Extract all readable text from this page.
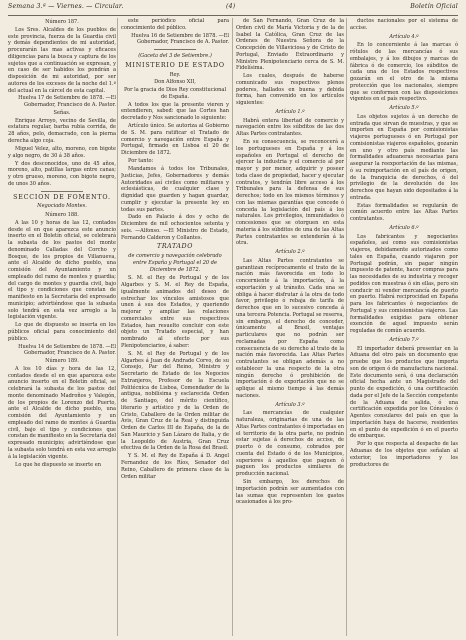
Semana 3.ª — Viernes. — Circular.	(4)	Boletín Oficial
Número 187.
Los Sres. Alcaldes de los pueblos de este provincia, fuerza de la Guardia civil y demás dependientes de mi autoridad, procurarán las mas activas y eficaces diligencias para la busca y captura de los sujetos que a continuación se expresan, y en caso de ser habidos los pondrán a disposición de mi autoridad, por ser autores de los excesos de la noche del 1.º del actual en la cárcel de esta capital.
Huelva 17 de Setiembre de 1878. —El Gobernador, Francisco de A. Pastor.
Señas.
Enrique Arroyo, vecino de Sevilla, de estatura regular, barba rubia corrida, de 28 años, pelo, demacrado, con la pierna derecha algo coja.
Miguel Velez, alto, moreno, con bigote y algo negro, de 30 á 38 años.
Y dos desconocidos, uno de 45 años, moreno, alto, patillas largas entre canas; y otro grueso, moreno, con bigote negro, de unos 30 años.
SECCION DE FOMENTO.
Negociado Montes.
Número 188.
A las 10 y horas de las 12, contados desde el en que aparezca este anuncio inserto en el Boletín oficial, se celebrará la subasta de los pastos del monte denominado Calladas del Corcho y Bosque, de los propios de Villanueva, ante el Alcalde de dicho pueblo, una comisión del Ayuntamiento y un empleado del ramo de montes y guardia; del cargo de montes y guardia civil, bajo el tipo y condiciones que constan de manifiesto en la Secretaría del expresado municipio; advirtiéndose que la subasta solo tendrá en esta vez arreglo a la legislación vigente.
Lo que de dispuesto se inserta en los públicos oficial para conocimiento del público.
Huelva 14 de Setiembre de 1878. —El Gobernador, Francisco de A. Pastor.
Número 189.
A los 10 días y hora de las 12, contados desde el en que aparezca este anuncio inserto en el Boletín oficial, se celebrará la subasta de los pastos del monte denominado Madroños y Valegón, de los propios de Lorenzo del Puerto, ante el Alcalde de dicho pueblo, una comisión del Ayuntamiento y un empleado del ramo de montes á Guardia civil, bajo el tipo y condiciones que constan de manifiesto en la Secretaría del expresado municipio; advirtiéndose que la subasta solo tendrá en esta vez arreglo á la legislación vigente.
Lo que he dispuesto se inserte en
este periódico oficial para conocimiento del público.
Huelva 16 de Setiembre de 1878. —El Gobernador, Francisco de A. Pastor.
(Gaceta del 3 de Setiembre.)
MINISTERIO DE ESTADO
Rey.
Don Alfonso XII,
Por la gracia de Dios Rey constitucional de España.
A todos los que la presente vieren y entendieren, sabed: que las Cortes han decretado y Nos sancionado lo siguiente:
Artículo único. Se autoriza al Gobierno de S. M. para ratificar el Tratado de comercio y navegación entre España y Portugal, firmado en Lisboa el 20 de Diciembre de 1872.
Por tanto:
Mandamos á todos los Tribunales, Justicias, Jefes, Gobernadores y demás Autoridades así civiles como militares y eclesiásticas, de cualquier clase y dignidad que guarden y hagan guardar, cumplir y ejecutar la presente ley en todas sus partes.
Dado en Palacio á dos y ocho de Diciembre de mil ochocientos setenta y seis. —Alfonso. —El Ministro de Estado, Fernando Calderon y Collantes.
TRATADO
de comercio y navegación celebrado entre España y Portugal el 20 de Diciembre de 1872.
S. M. el Rey de Portugal y de los Algarbes y S. M. el Rey de España, igualmente animados del deseo de estrechar los vínculos amistosos que unen á sus dos Estados, y queriendo mejorar y ampliar las relaciones comerciales entre sus respectivos Estados, han resuelto concluir con este objeto un Tratado especial, y han nombrado al efecto por sus Plenipotenciarios, á saber:
S. M. el Rey de Portugal y de los Algarbes á Juan de Andrade Corvo, de su Consejo, Par del Reino, Ministro y Secretario de Estado de los Negocios Extranjeros, Profesor de la Escuela Politécnica de Lisboa, Comendador de la antigua, nobilísima y esclarecida Orden de Santiago, del mérito científico, literario y artístico y de la Orden de Cristo, Caballero de la Orden militar de Avis, Gran Cruz de la Real y distinguida Orden de Carlos III de España, de la de San Mauricio y San Lázaro de Italia, y de la Leopoldo de Austria, Gran Cruz efectiva de la Orden de la Rosa del Brasil.
Y S. M. el Rey de España á D. Angel Fernandez de los Ríos, Senador del Reino, Caballero de primera clase de la Orden militar
de San Fernando, Gran Cruz de la Orden civil de María Victoria y de la de Isabel la Católica, Gran Cruz de las Ordenes de Nuestra Señora de la Concepción de Villaviciosa y de Cristo de Portugal, Enviado Extraordinario y Ministro Plenipotenciario cerca de S. M. Fidelísima.
Los cuales, después de haberse comunicado sus respectivos plenos poderes, hallados en buena y debida forma, han convenido en los artículos siguientes:
Artículo 1.º
Habrá entera libertad de comercio y navegación entre los súbditos de las dos Altas Partes contratantes.
En su consecuencia, se reconocerá a los portugueses en España y á los españoles en Portugal el derecho de ejercer la industria y el comercio al por mayor y por menor, adquirir y poseer toda clase de propiedad, hacer y ejecutar contratos, y tendrán libre acceso á los Tribunales para la defensa de sus derechos; todo en los mismos términos y con las mismas garantías que concede ó conceda la legislación del país á los naturales. Los privilegios, inmunidades ó concesiones que se otorguen en esta materia á los súbditos de una de las Altas Partes contratantes se extenderán á la otra.
Artículo 2.º
Las Altas Partes contratantes se garantizan recíprocamente el trato de la nación más favorecida en todo lo concerniente á la importación, á la exportación y al tránsito. Cada una se obliga á hacer disfrutar á la otra de todo favor, privilegio ó rebaja de tarifa de derechos que en lo sucesivo conceda á una tercera Potencia. Portugal se reserva, sin embargo, el derecho de conceder, únicamente al Brasil, ventajas particulares que no podrán ser reclamadas por España como consecuencia de su derecho al trato de la nación más favorecida. Las Altas Partes contratantes se obligan además a no establecer la una respecto de la otra ningún derecho ó prohibición de importación ó de exportación que no se aplique al mismo tiempo á las demás naciones.
Artículo 3.º
Las mercancías de cualquier naturaleza, originarias de una de las Altas Partes contratantes ó importadas en el territorio de la otra parte, no podrán estar sujetas á derechos de accise, de puerto ó de consumo, cobrados por cuenta del Estado ó de los Municipios, superiores á aquellos que paguen ó paguen los productos similares de producción nacional.
Sin embargo, los derechos de importación podrán ser aumentados con las sumas que representen los gastos ocasionados á los pro-
ductos nacionales por el sistema de accise.
Artículo 4.º
En lo concerniente á las marcas ó rótulos de las mercancías ó sus embalajes, y á los dibujos y marcas de fábrica ó de comercio, los súbditos de cada una de los Estados respectivos gozarán en el otro de la misma protección que los nacionales, siempre que se conformen con las disposiciones vigentes en el país respectivo.
Artículo 5.º
Los objetos sujetos á un derecho de entrada que sirvan de muestras, y que se importen en España por comisionistas viajeros portugueses ó en Portugal por comisionistas viajeros españoles, gozarán en uno y otro país mediante las formalidades aduaneras necesarias para asegurar la reexportación de las mismas, ó su reimportación en el país de origen, de la franquicia de derechos, ó del privilegio de la devolución de los derechos que hayan sido depositados á la entrada.
Estas formalidades se regularán de común acuerdo entre las Altas Partes contratantes.
Artículo 6.º
Los fabricantes y negociantes españoles, así como sus comisionistas viajeros, debidamente autorizados como tales en España, cuando viajaren por Portugal podrán, sin pagar ningún impuesto de patente, hacer compras para las necesidades de su industria y recoger pedidos con muestras ó sin ellas, pero sin conducir ni vender mercancía de puerto en puerto. Habrá reciprocidad en España para los fabricantes ó negociantes de Portugal y sus comisionistas viajeros. Las formalidades exigidas para obtener exención de aquel impuesto serán reguladas de común acuerdo.
Artículo 7.º
El importador deberá presentar en la Aduana del otro país un documento que pruebe que los productos que importa son de origen ó de manufactura nacional. Este documento será, ó una declaración oficial hecha ante un Magistrado del punto de expedición, ó una certificación dada por el Jefe de la Sección competente de la Aduana de salida, ó una certificación expedida por los Cónsules ó Agentes consulares del país en que la importación haya de hacerse, residentes en el punto de expedición ó en el puerto de embarque.
Por lo que respecta al despacho de las Aduanas de los objetos que señalan al exterior, los importadores y los productores de
